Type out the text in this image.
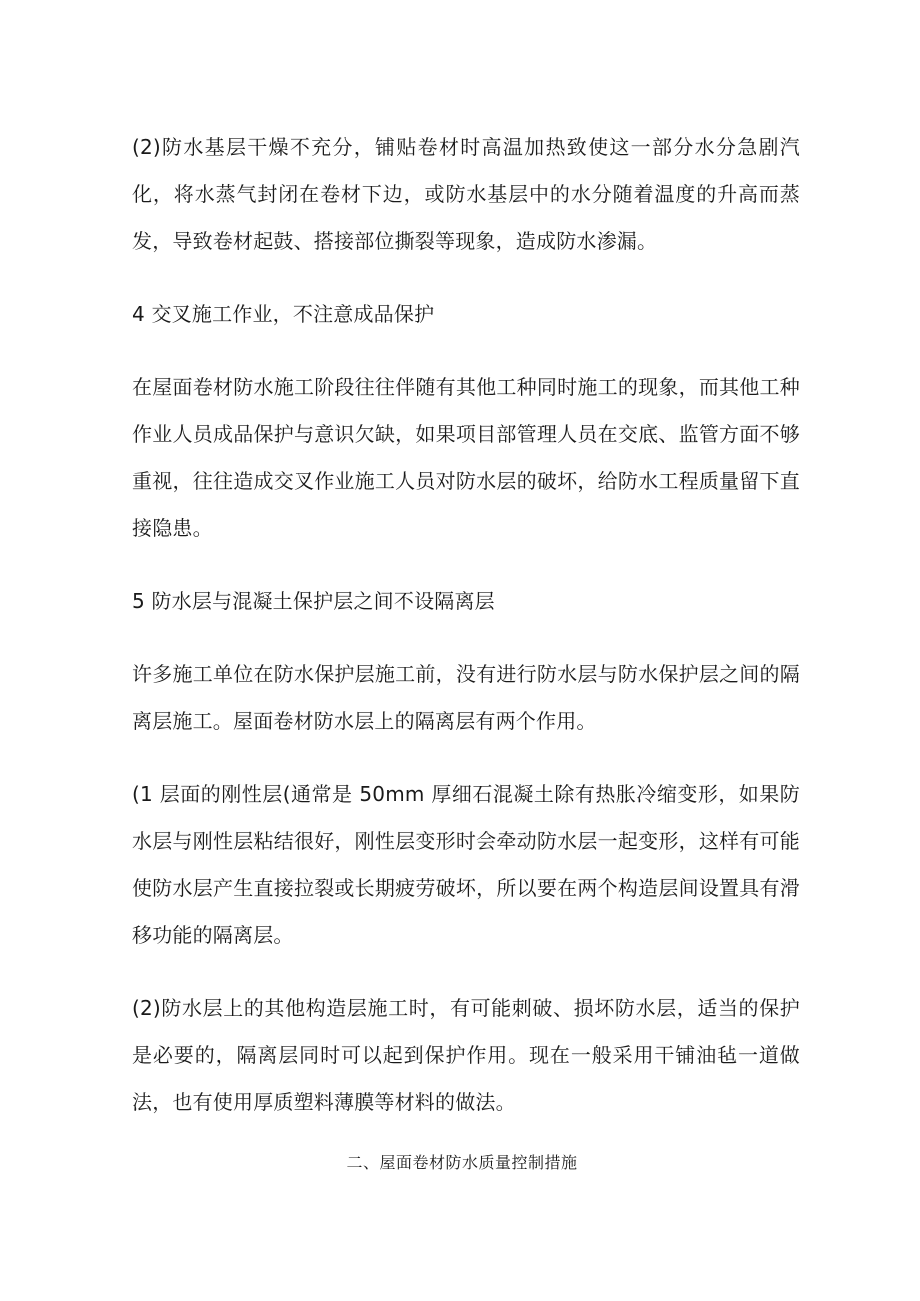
(2)防水基层干燥不充分，铺贴卷材时高温加热致使这一部分水分急剧汽化，将水蒸气封闭在卷材下边，或防水基层中的水分随着温度的升高而蒸发，导致卷材起鼓、搭接部位撕裂等现象，造成防水渗漏。

4 交叉施工作业，不注意成品保护

在屋面卷材防水施工阶段往往伴随有其他工种同时施工的现象，而其他工种作业人员成品保护与意识欠缺，如果项目部管理人员在交底、监管方面不够重视，往往造成交叉作业施工人员对防水层的破坏，给防水工程质量留下直接隐患。

5 防水层与混凝土保护层之间不设隔离层

许多施工单位在防水保护层施工前，没有进行防水层与防水保护层之间的隔离层施工。屋面卷材防水层上的隔离层有两个作用。

(1 层面的刚性层(通常是 50mm 厚细石混凝土除有热胀冷缩变形，如果防水层与刚性层粘结很好，刚性层变形时会牵动防水层一起变形，这样有可能使防水层产生直接拉裂或长期疲劳破坏，所以要在两个构造层间设置具有滑移功能的隔离层。

(2)防水层上的其他构造层施工时，有可能刺破、损坏防水层，适当的保护是必要的，隔离层同时可以起到保护作用。现在一般采用干铺油毡一道做法，也有使用厚质塑料薄膜等材料的做法。

二、屋面卷材防水质量控制措施
